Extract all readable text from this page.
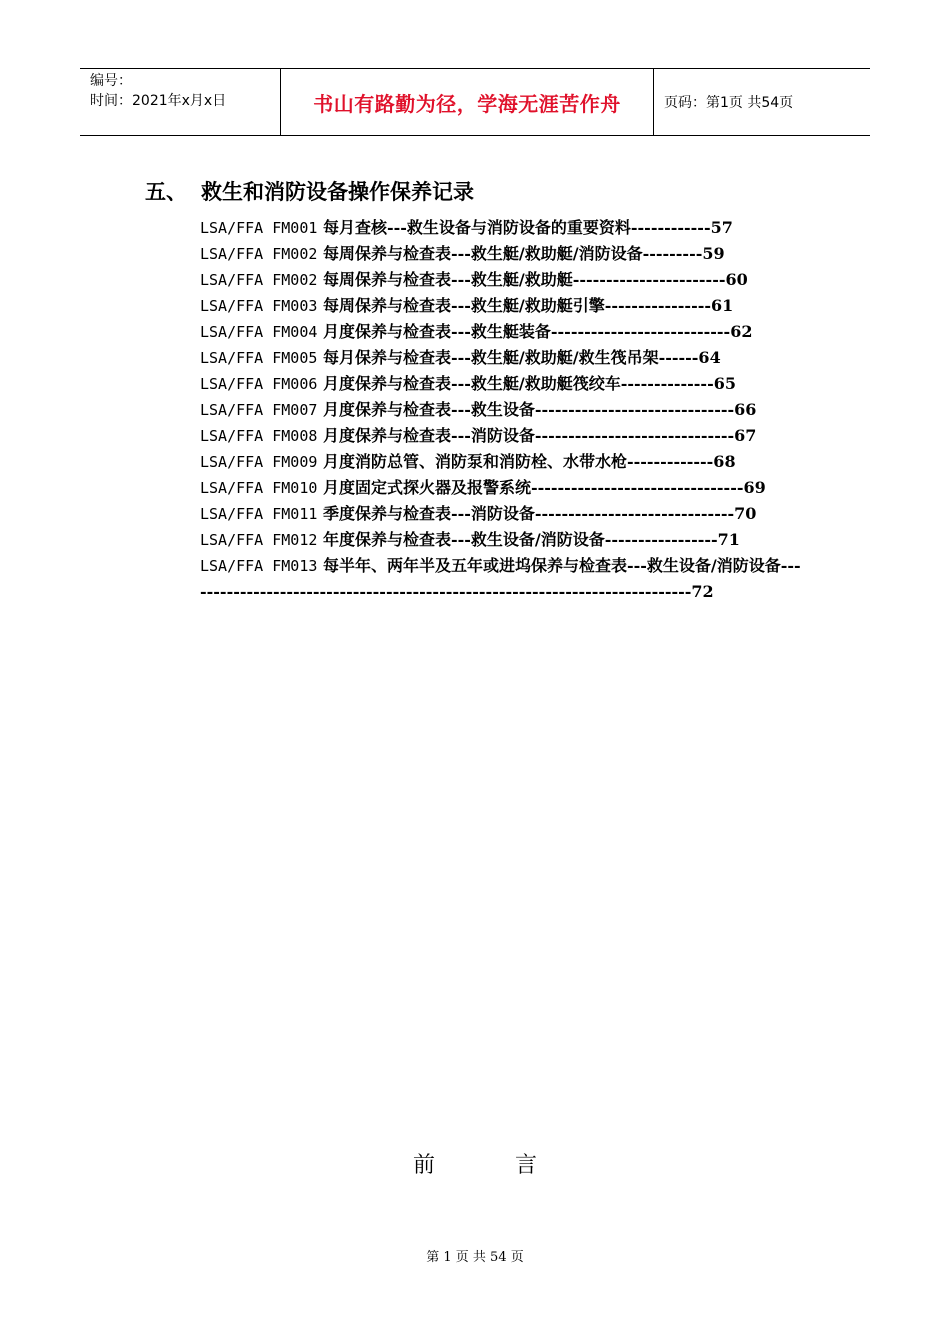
编号：
时间：2021年x月x日	书山有路勤为径，学海无涯苦作舟	页码：第1页 共54页
五、 救生和消防设备操作保养记录
LSA/FFA FM001 每月查核---救生设备与消防设备的重要资料------------57
LSA/FFA FM002 每周保养与检查表---救生艇/救助艇/消防设备---------59
LSA/FFA FM002 每周保养与检查表---救生艇/救助艇-----------------------60
LSA/FFA FM003 每周保养与检查表---救生艇/救助艇引擎----------------61
LSA/FFA FM004 月度保养与检查表---救生艇装备---------------------------62
LSA/FFA FM005 每月保养与检查表---救生艇/救助艇/救生筏吊架------64
LSA/FFA FM006 月度保养与检查表---救生艇/救助艇筏绞车--------------65
LSA/FFA FM007 月度保养与检查表---救生设备------------------------------66
LSA/FFA FM008 月度保养与检查表---消防设备------------------------------67
LSA/FFA FM009 月度消防总管、消防泵和消防栓、水带水枪-------------68
LSA/FFA FM010 月度固定式探火器及报警系统--------------------------------69
LSA/FFA FM011 季度保养与检查表---消防设备------------------------------70
LSA/FFA FM012 年度保养与检查表---救生设备/消防设备-----------------71
LSA/FFA FM013 每半年、两年半及五年或进坞保养与检查表---救生设备/消防设备-----------------------------------------------------------------------------72
前言
第 1 页 共 54 页
